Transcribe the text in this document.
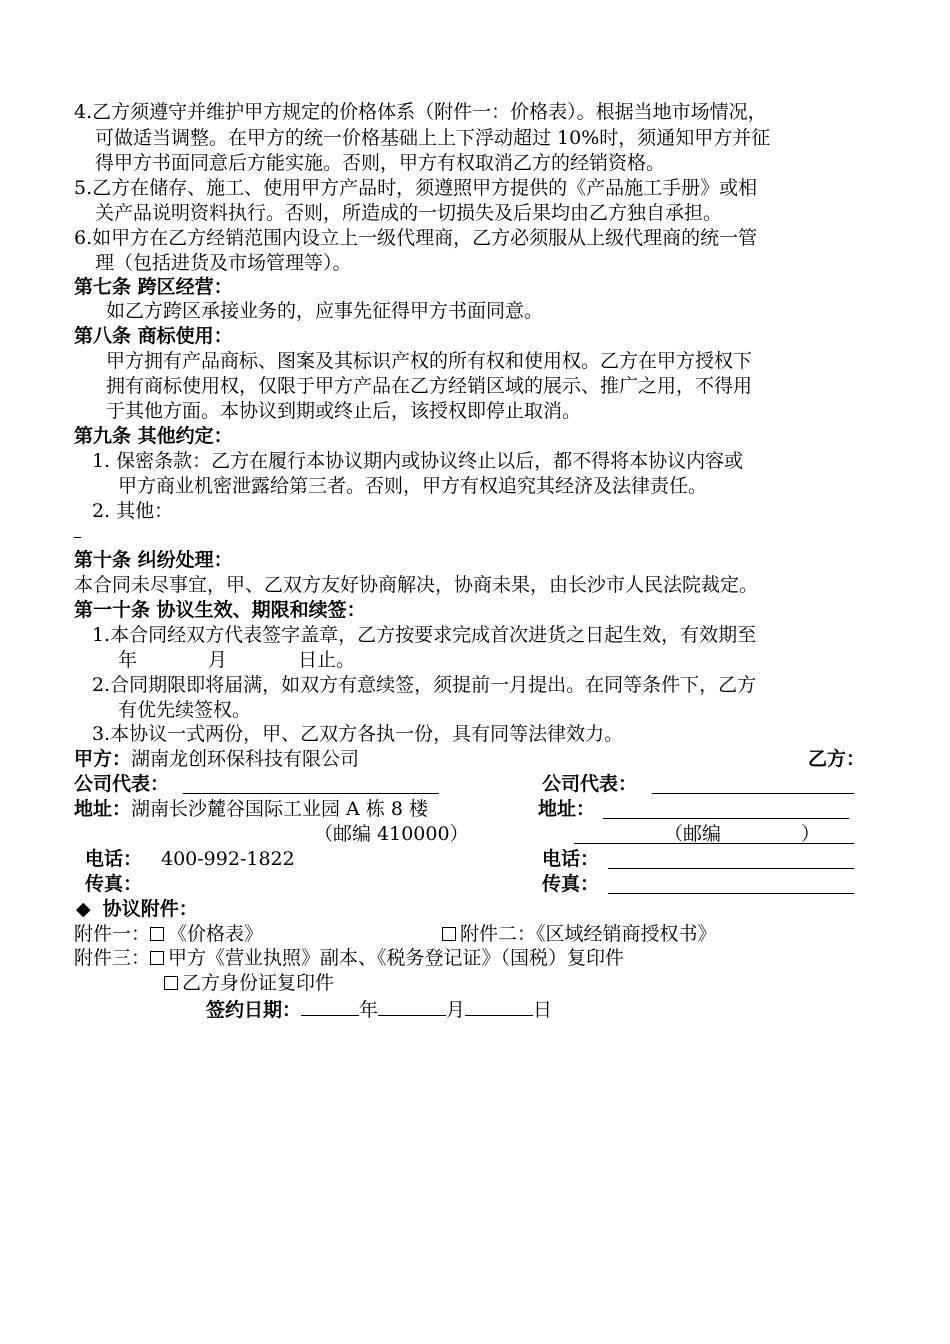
4.乙方须遵守并维护甲方规定的价格体系（附件一：价格表）。根据当地市场情况，
可做适当调整。在甲方的统一价格基础上上下浮动超过 10%时，须通知甲方并征
得甲方书面同意后方能实施。否则，甲方有权取消乙方的经销资格。
5.乙方在储存、施工、使用甲方产品时，须遵照甲方提供的《产品施工手册》或相
关产品说明资料执行。否则，所造成的一切损失及后果均由乙方独自承担。
6.如甲方在乙方经销范围内设立上一级代理商，乙方必须服从上级代理商的统一管
理（包括进货及市场管理等）。
第七条 跨区经营：
如乙方跨区承接业务的，应事先征得甲方书面同意。
第八条 商标使用：
甲方拥有产品商标、图案及其标识产权的所有权和使用权。乙方在甲方授权下
拥有商标使用权，仅限于甲方产品在乙方经销区域的展示、推广之用，不得用
于其他方面。本协议到期或终止后，该授权即停止取消。
第九条 其他约定：
1. 保密条款：乙方在履行本协议期内或协议终止以后，都不得将本协议内容或
甲方商业机密泄露给第三者。否则，甲方有权追究其经济及法律责任。
2. 其他：
第十条 纠纷处理：
本合同未尽事宜，甲、乙双方友好协商解决，协商未果，由长沙市人民法院裁定。
第一十条 协议生效、期限和续签：
1.本合同经双方代表签字盖章，乙方按要求完成首次进货之日起生效，有效期至
年	月	日止。
2.合同期限即将届满，如双方有意续签，须提前一月提出。在同等条件下，乙方
有优先续签权。
3.本协议一式两份，甲、乙双方各执一份，具有同等法律效力。
甲方：湖南龙创环保科技有限公司	乙方：
公司代表：	公司代表：
地址：湖南长沙麓谷国际工业园 A 栋 8 楼	地址：
（邮编 410000）	（邮编	）
电话： 400-992-1822	电话：
传真：	传真：
◆ 协议附件：
附件一： 《价格表》	附件二：《区域经销商授权书》
附件三： 甲方《营业执照》副本、《税务登记证》（国税）复印件
乙方身份证复印件
签约日期：	年	月	日
